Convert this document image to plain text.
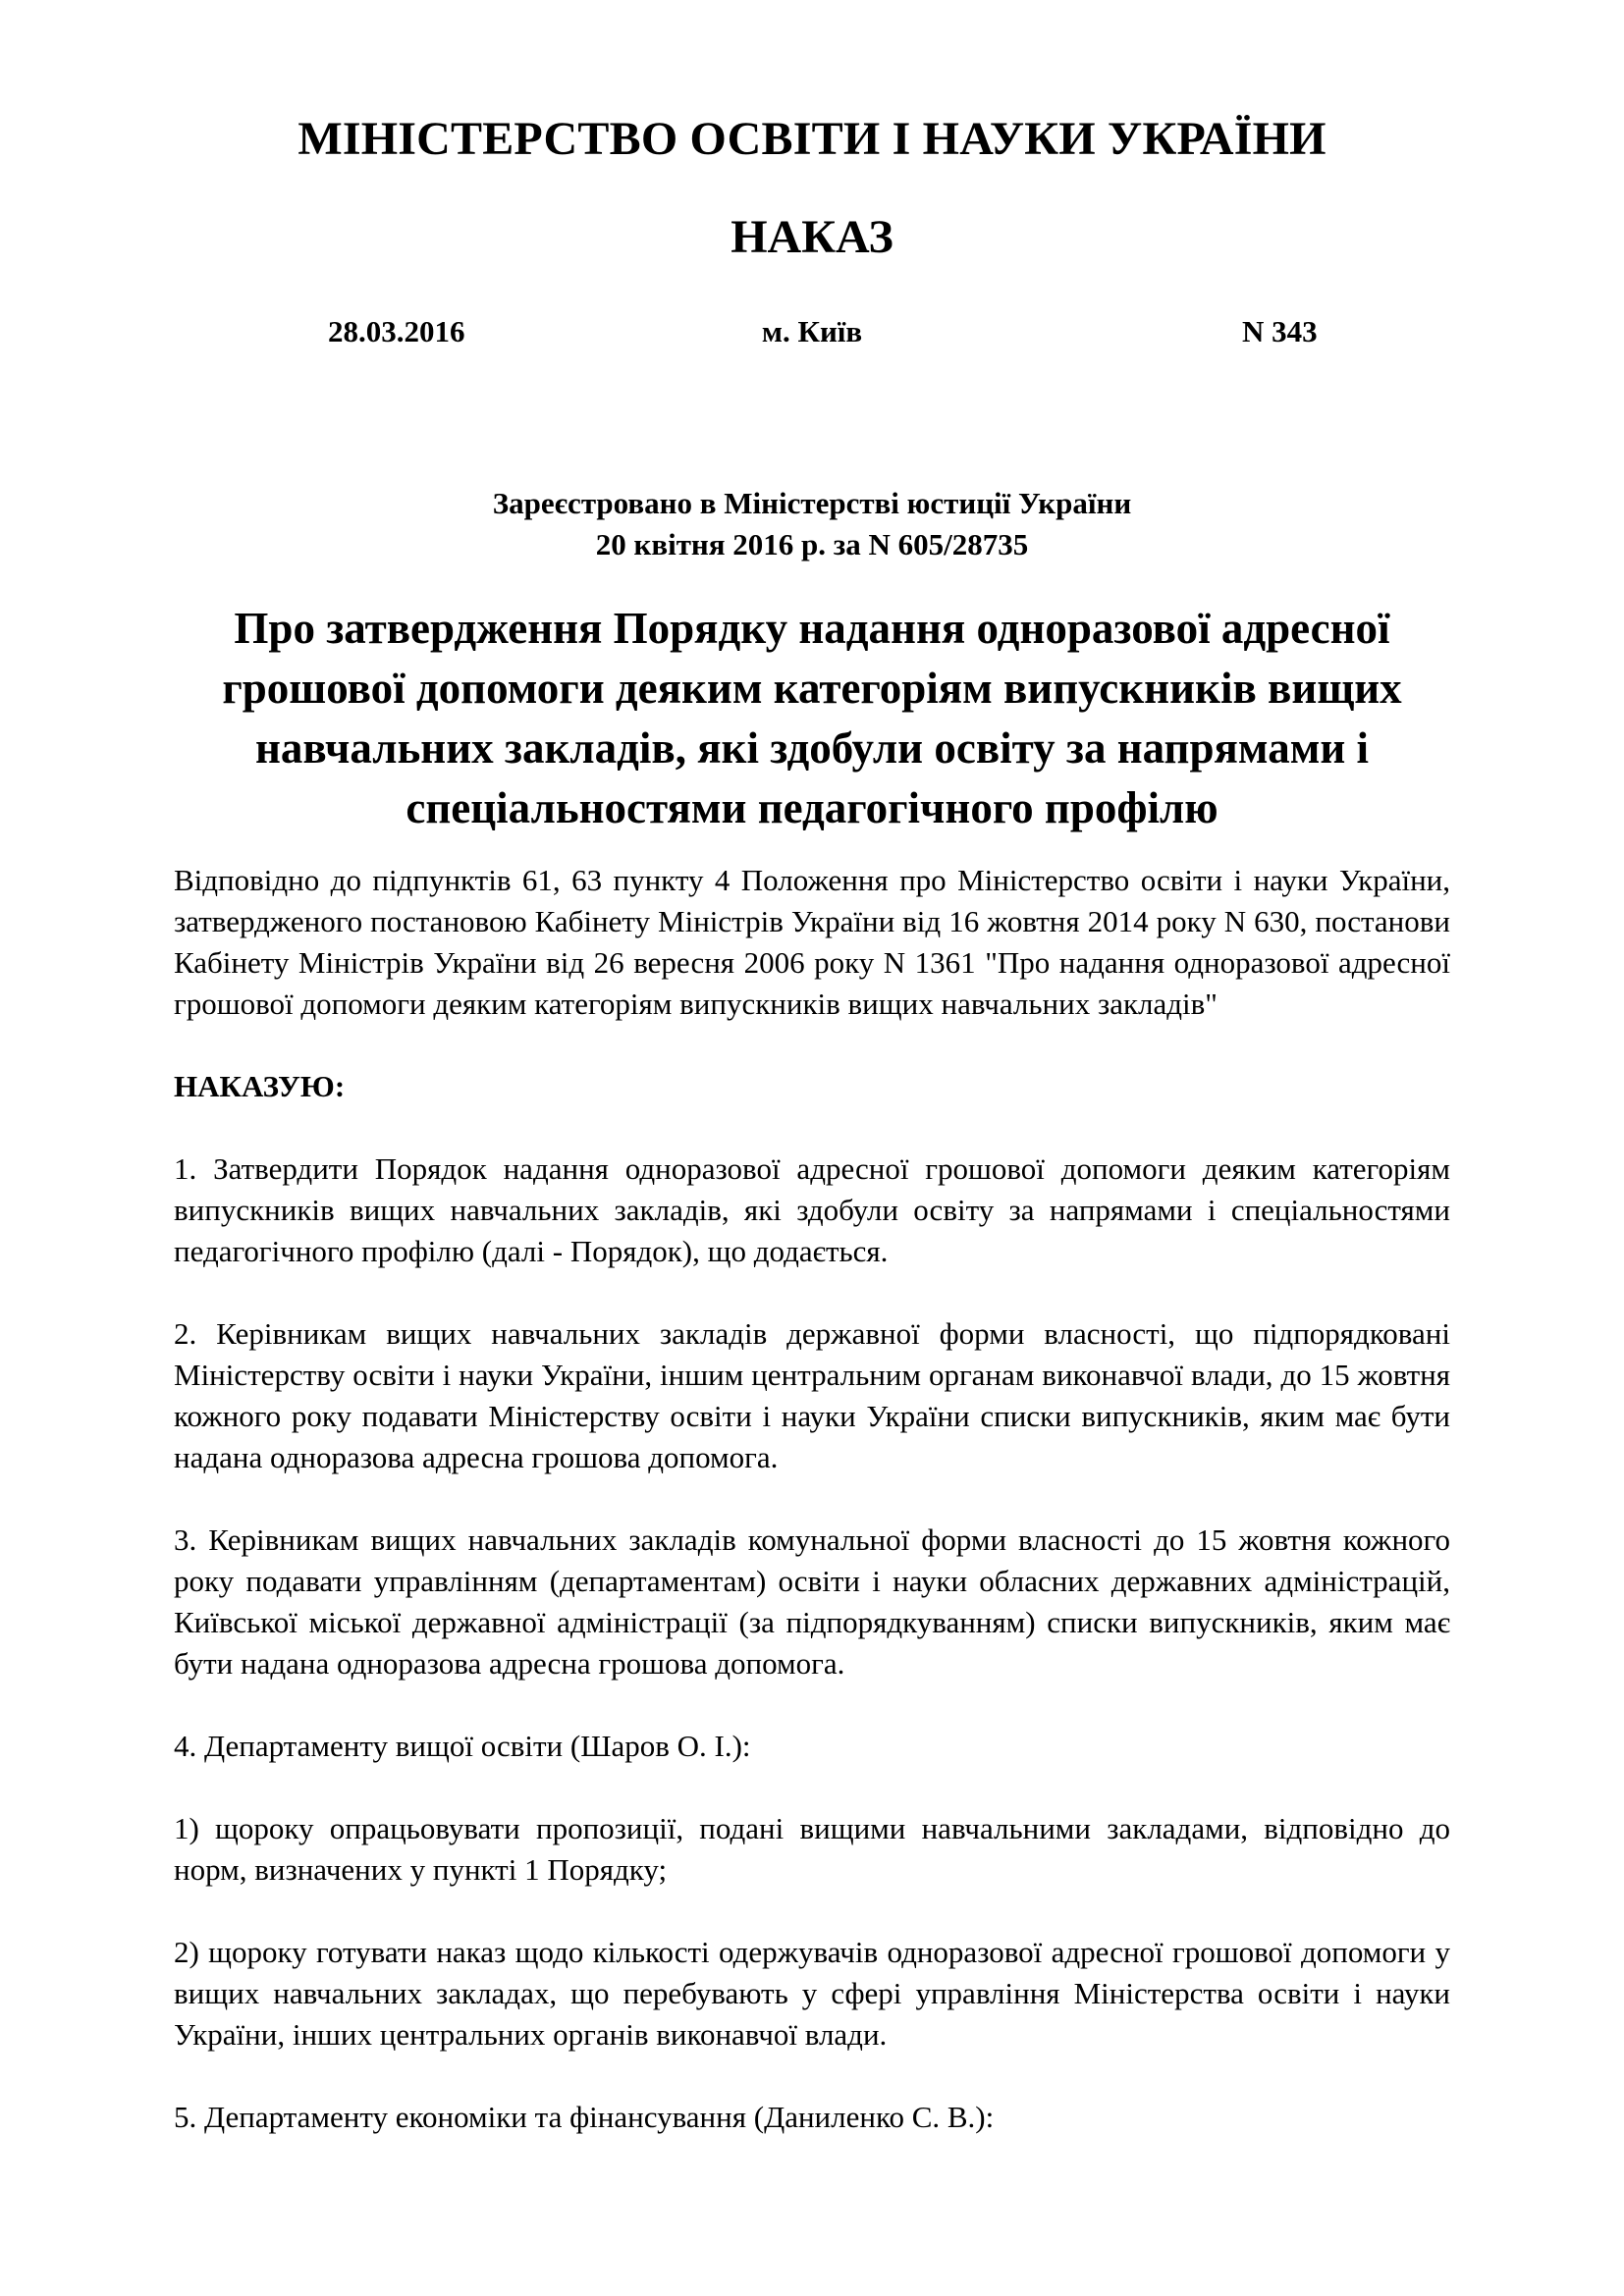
МІНІСТЕРСТВО ОСВІТИ І НАУКИ УКРАЇНИ
НАКАЗ
28.03.2016	м. Київ	N 343
Зареєстровано в Міністерстві юстиції України
20 квітня 2016 р. за N 605/28735
Про затвердження Порядку надання одноразової адресної грошової допомоги деяким категоріям випускників вищих навчальних закладів, які здобули освіту за напрямами і спеціальностями педагогічного профілю

Відповідно до підпунктів 61, 63 пункту 4 Положення про Міністерство освіти і науки України, затвердженого постановою Кабінету Міністрів України від 16 жовтня 2014 року N 630, постанови Кабінету Міністрів України від 26 вересня 2006 року N 1361 "Про надання одноразової адресної грошової допомоги деяким категоріям випускників вищих навчальних закладів"

НАКАЗУЮ:

1. Затвердити Порядок надання одноразової адресної грошової допомоги деяким категоріям випускників вищих навчальних закладів, які здобули освіту за напрямами і спеціальностями педагогічного профілю (далі - Порядок), що додається.

2. Керівникам вищих навчальних закладів державної форми власності, що підпорядковані Міністерству освіти і науки України, іншим центральним органам виконавчої влади, до 15 жовтня кожного року подавати Міністерству освіти і науки України списки випускників, яким має бути надана одноразова адресна грошова допомога.

3. Керівникам вищих навчальних закладів комунальної форми власності до 15 жовтня кожного року подавати управлінням (департаментам) освіти і науки обласних державних адміністрацій, Київської міської державної адміністрації (за підпорядкуванням) списки випускників, яким має бути надана одноразова адресна грошова допомога.

4. Департаменту вищої освіти (Шаров О. І.):

1) щороку опрацьовувати пропозиції, подані вищими навчальними закладами, відповідно до норм, визначених у пункті 1 Порядку;

2) щороку готувати наказ щодо кількості одержувачів одноразової адресної грошової допомоги у вищих навчальних закладах, що перебувають у сфері управління Міністерства освіти і науки України, інших центральних органів виконавчої влади.

5. Департаменту економіки та фінансування (Даниленко С. В.):
